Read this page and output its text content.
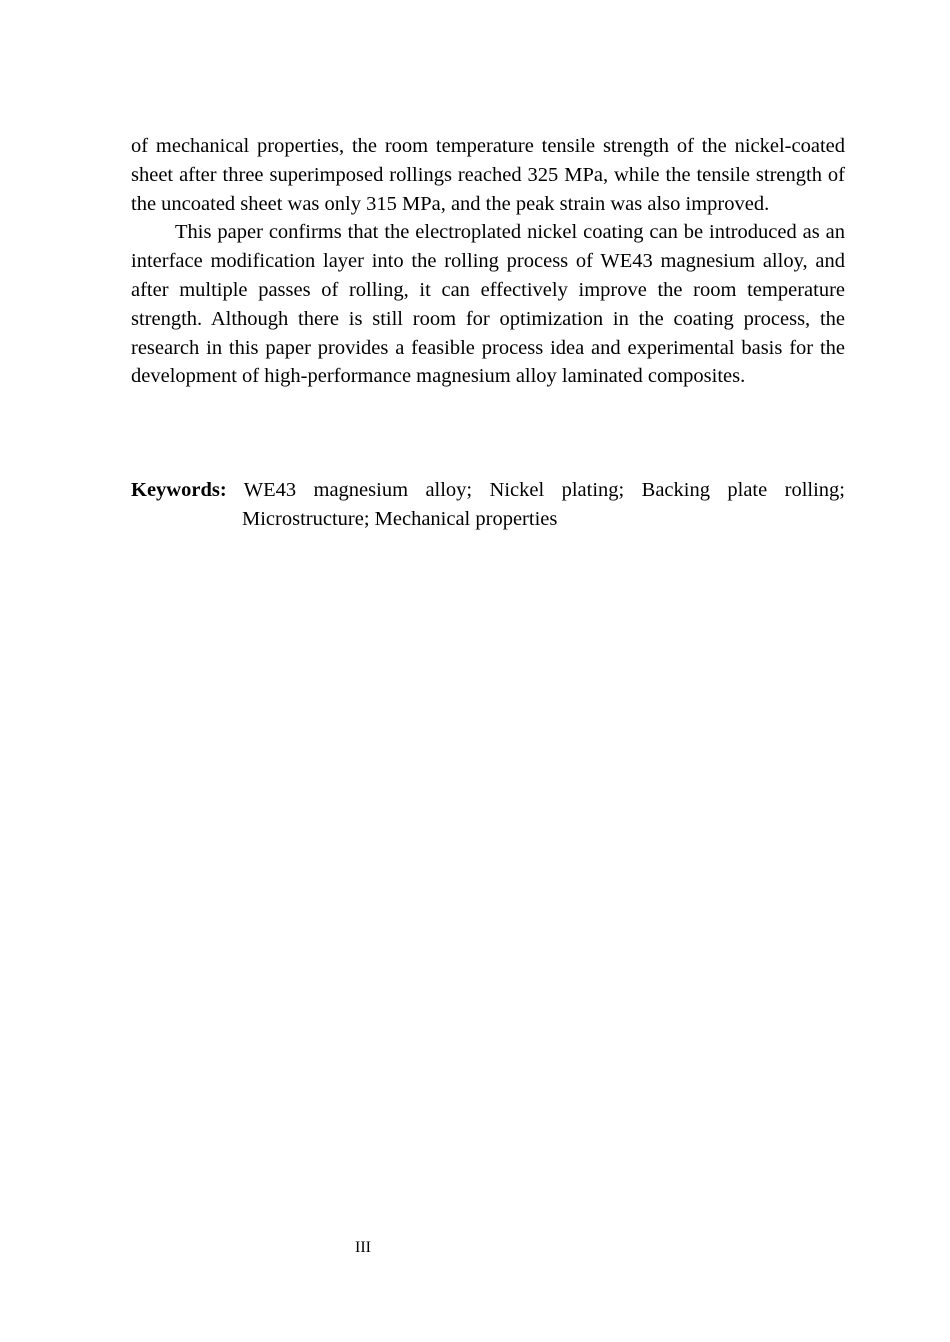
of mechanical properties, the room temperature tensile strength of the nickel-coated sheet after three superimposed rollings reached 325 MPa, while the tensile strength of the uncoated sheet was only 315 MPa, and the peak strain was also improved.

This paper confirms that the electroplated nickel coating can be introduced as an interface modification layer into the rolling process of WE43 magnesium alloy, and after multiple passes of rolling, it can effectively improve the room temperature strength. Although there is still room for optimization in the coating process, the research in this paper provides a feasible process idea and experimental basis for the development of high-performance magnesium alloy laminated composites.

Keywords: WE43 magnesium alloy; Nickel plating; Backing plate rolling; Microstructure; Mechanical properties
III
